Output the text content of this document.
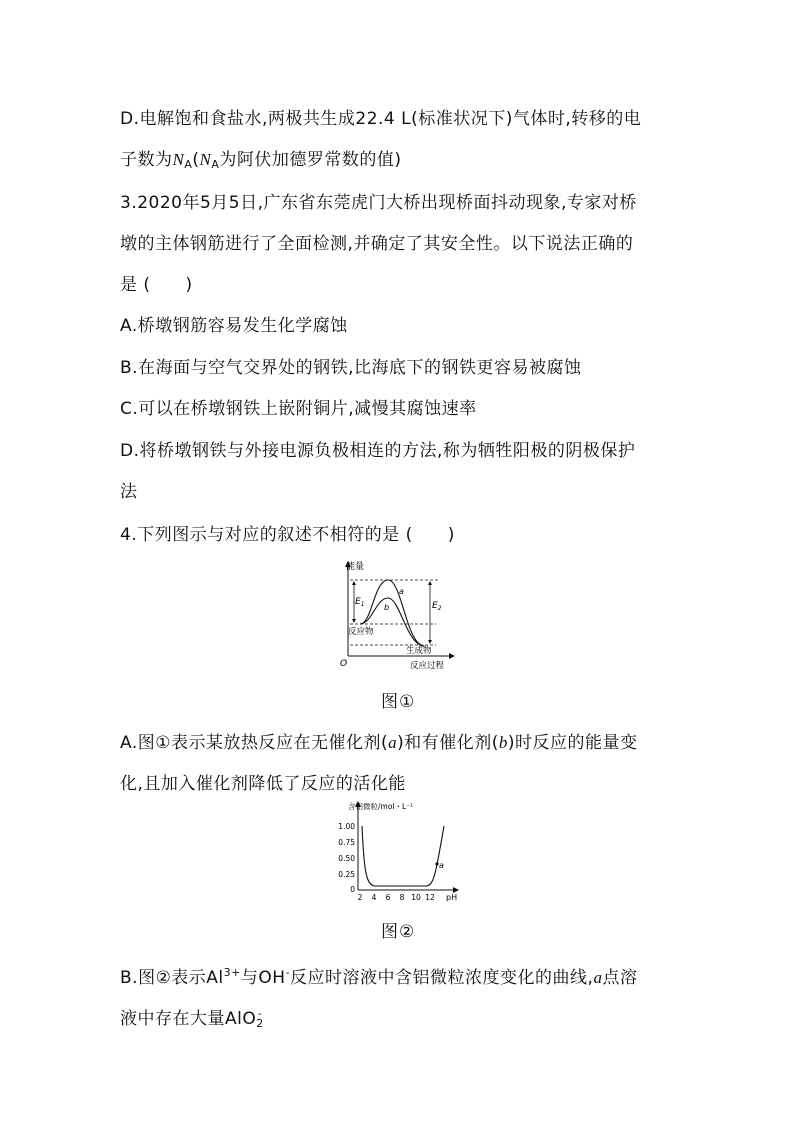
D.电解饱和食盐水,两极共生成22.4 L(标准状况下)气体时,转移的电
子数为$N_A(N_A$为阿伏加德罗常数的值)
3.2020年5月5日,广东省东莞虎门大桥出现桥面抖动现象,专家对桥
墩的主体钢筋进行了全面检测,并确定了其安全性。以下说法正确的
是 (　　)
A.桥墩钢筋容易发生化学腐蚀
B.在海面与空气交界处的钢铁,比海底下的钢铁更容易被腐蚀
C.可以在桥墩钢铁上嵌附铜片,减慢其腐蚀速率
D.将桥墩钢铁与外接电源负极相连的方法,称为牺牲阳极的阴极保护
法
4.下列图示与对应的叙述不相符的是 (　　)
能量
$E_1$	$E_2$
a
b
反应物
生成物
O	反应过程
图①
A.图①表示某放热反应在无催化剂(a)和有催化剂(b)时反应的能量变
化,且加入催化剂降低了反应的活化能
含铝微粒/mol・L⁻¹
1.00
0.75
0.50
0.25
0
2 4 6 8 10 12
a
pH
图②
B.图②表示$Al^{3+}$与OH-反应时溶液中含铝微粒浓度变化的曲线,a点溶
液中存在大量AlO$_2$-
